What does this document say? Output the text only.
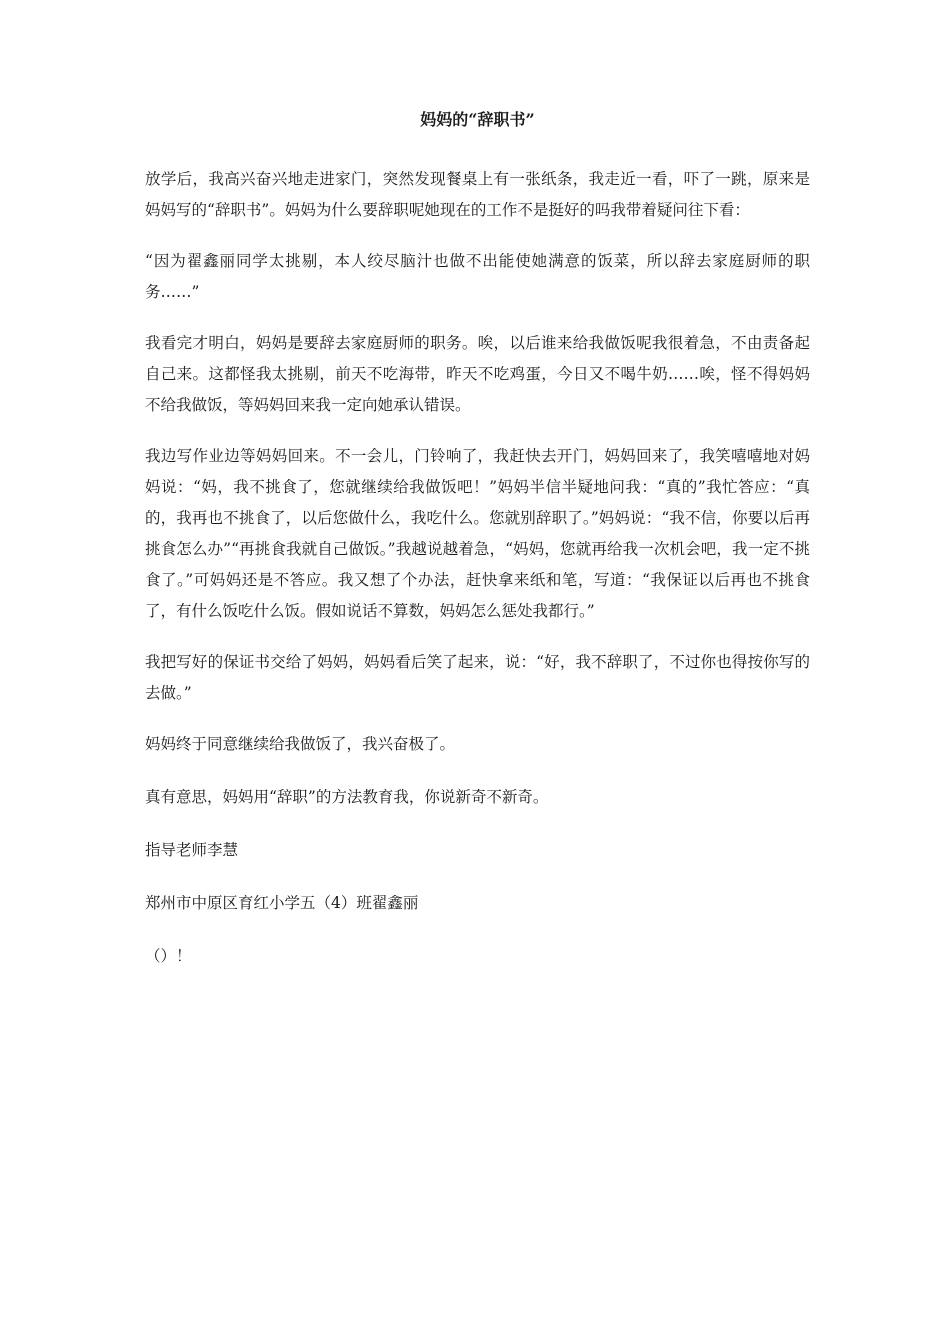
妈妈的“辞职书”

放学后，我高兴奋兴地走进家门，突然发现餐桌上有一张纸条，我走近一看，吓了一跳，原来是妈妈写的“辞职书”。妈妈为什么要辞职呢她现在的工作不是挺好的吗我带着疑问往下看：

“因为翟鑫丽同学太挑剔，本人绞尽脑汁也做不出能使她满意的饭菜，所以辞去家庭厨师的职务……”

我看完才明白，妈妈是要辞去家庭厨师的职务。唉，以后谁来给我做饭呢我很着急，不由责备起自己来。这都怪我太挑剔，前天不吃海带，昨天不吃鸡蛋，今日又不喝牛奶……唉，怪不得妈妈不给我做饭，等妈妈回来我一定向她承认错误。

我边写作业边等妈妈回来。不一会儿，门铃响了，我赶快去开门，妈妈回来了，我笑嘻嘻地对妈妈说：“妈，我不挑食了，您就继续给我做饭吧！”妈妈半信半疑地问我：“真的”我忙答应：“真的，我再也不挑食了，以后您做什么，我吃什么。您就别辞职了。”妈妈说：“我不信，你要以后再挑食怎么办”“再挑食我就自己做饭。”我越说越着急，“妈妈，您就再给我一次机会吧，我一定不挑食了。”可妈妈还是不答应。我又想了个办法，赶快拿来纸和笔，写道：“我保证以后再也不挑食了，有什么饭吃什么饭。假如说话不算数，妈妈怎么惩处我都行。”

我把写好的保证书交给了妈妈，妈妈看后笑了起来，说：“好，我不辞职了，不过你也得按你写的去做。”

妈妈终于同意继续给我做饭了，我兴奋极了。

真有意思，妈妈用“辞职”的方法教育我，你说新奇不新奇。

指导老师李慧

郑州市中原区育红小学五（4）班翟鑫丽

（）！
